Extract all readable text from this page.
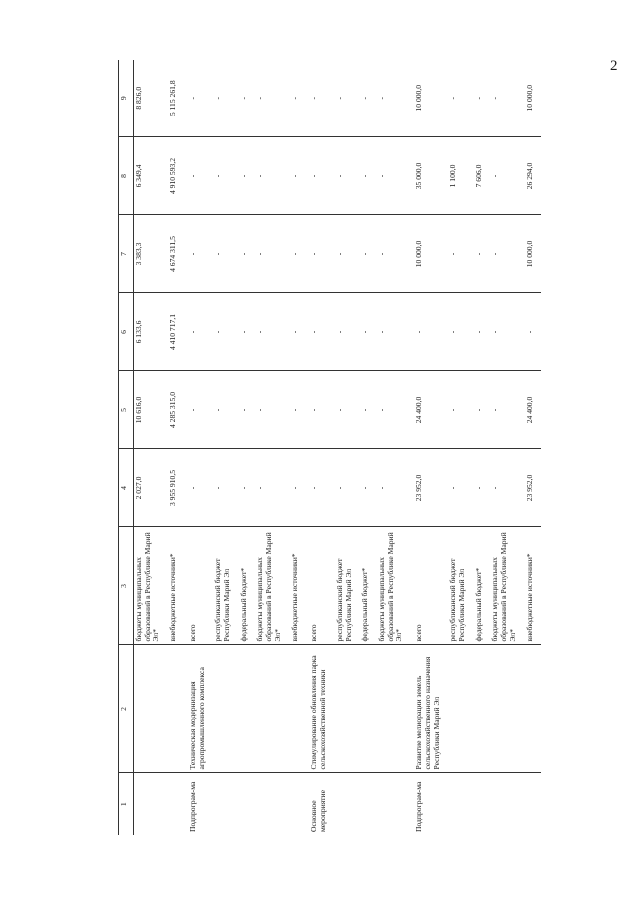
2
1	2	3	4	5	6	7	8	9
		бюджеты муниципальных образований в Республике Марий Эл*	2 027,0	10 616,0	6 133,6	3 383,3	6 349,4	8 826,0

		внебюджетные источники*	3 955 910,5	4 285 315,0	4 410 717,1	4 674 311,5	4 910 593,2	5 115 261,8

Подпрограм-ма	Техническая модернизация агропромышленного комплекса	всего	-	-	-	-	-	-

		республиканский бюджет Республики Марий Эл	-	-	-	-	-	-

		федеральный бюджет*	-	-	-	-	-	-

		бюджеты муниципальных образований в Республике Марий Эл*	-	-	-	-	-	-

		внебюджетные источники*	-	-	-	-	-	-

Основное мероприятие	Стимулирование обновления парка сельскохозяйственной техники	всего	-	-	-	-	-	-

		республиканский бюджет Республики Марий Эл	-	-	-	-	-	-

		федеральный бюджет*	-	-	-	-	-	-

		бюджеты муниципальных образований в Республике Марий Эл*	-	-	-	-	-	-

Подпрограм-ма	Развитие мелиорации земель сельскохозяйственного назначения Республики Марий Эл	всего	23 952,0	24 400,0	-	10 000,0	35 000,0	10 000,0

		республиканский бюджет Республики Марий Эл	-	-	-	-	1 100,0	-

		федеральный бюджет*	-	-	-	-	7 606,0	-

		бюджеты муниципальных образований в Республике Марий Эл*	-	-	-	-	-	-

		внебюджетные источники*	23 952,0	24 400,0	-	10 000,0	26 294,0	10 000,0
